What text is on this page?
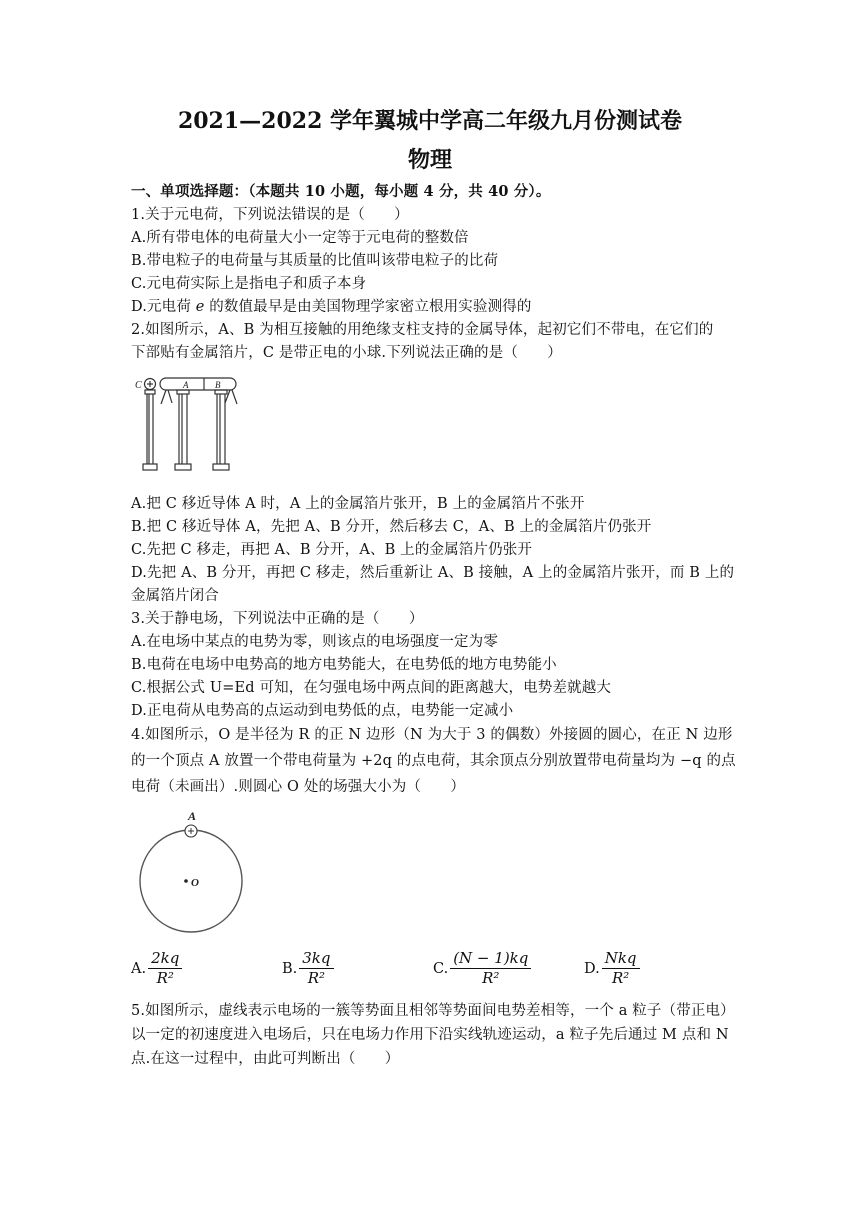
2021—2022 学年翼城中学高二年级九月份测试卷
物理
一、单项选择题：（本题共 10 小题，每小题 4 分，共 40 分）。
1.关于元电荷，下列说法错误的是（　　）
A.所有带电体的电荷量大小一定等于元电荷的整数倍
B.带电粒子的电荷量与其质量的比值叫该带电粒子的比荷
C.元电荷实际上是指电子和质子本身
D.元电荷 e 的数值最早是由美国物理学家密立根用实验测得的
2.如图所示，A、B 为相互接触的用绝缘支柱支持的金属导体，起初它们不带电，在它们的
下部贴有金属箔片，C 是带正电的小球.下列说法正确的是（　　）
C	A	B
A.把 C 移近导体 A 时，A 上的金属箔片张开，B 上的金属箔片不张开
B.把 C 移近导体 A，先把 A、B 分开，然后移去 C，A、B 上的金属箔片仍张开
C.先把 C 移走，再把 A、B 分开，A、B 上的金属箔片仍张开
D.先把 A、B 分开，再把 C 移走，然后重新让 A、B 接触，A 上的金属箔片张开，而 B 上的
金属箔片闭合
3.关于静电场，下列说法中正确的是（　　）
A.在电场中某点的电势为零，则该点的电场强度一定为零
B.电荷在电场中电势高的地方电势能大，在电势低的地方电势能小
C.根据公式 U=Ed 可知，在匀强电场中两点间的距离越大，电势差就越大
D.正电荷从电势高的点运动到电势低的点，电势能一定减小
4.如图所示，O 是半径为 R 的正 N 边形（N 为大于 3 的偶数）外接圆的圆心，在正 N 边形
的一个顶点 A 放置一个带电荷量为 +2q 的点电荷，其余顶点分别放置带电荷量均为 −q 的点
电荷（未画出）.则圆心 O 处的场强大小为（　　）
A
O
A. $\frac{2kq}{\text{R²}}$	B. $\frac{3kq}{\text{R²}}$	C. $\frac{(N - 1)kq}{\text{R²}}$	D. $\frac{\text{Nkq}}{\text{R²}}$
5.如图所示，虚线表示电场的一簇等势面且相邻等势面间电势差相等，一个 a 粒子（带正电）
以一定的初速度进入电场后，只在电场力作用下沿实线轨迹运动，a 粒子先后通过 M 点和 N
点.在这一过程中，由此可判断出（　　）
